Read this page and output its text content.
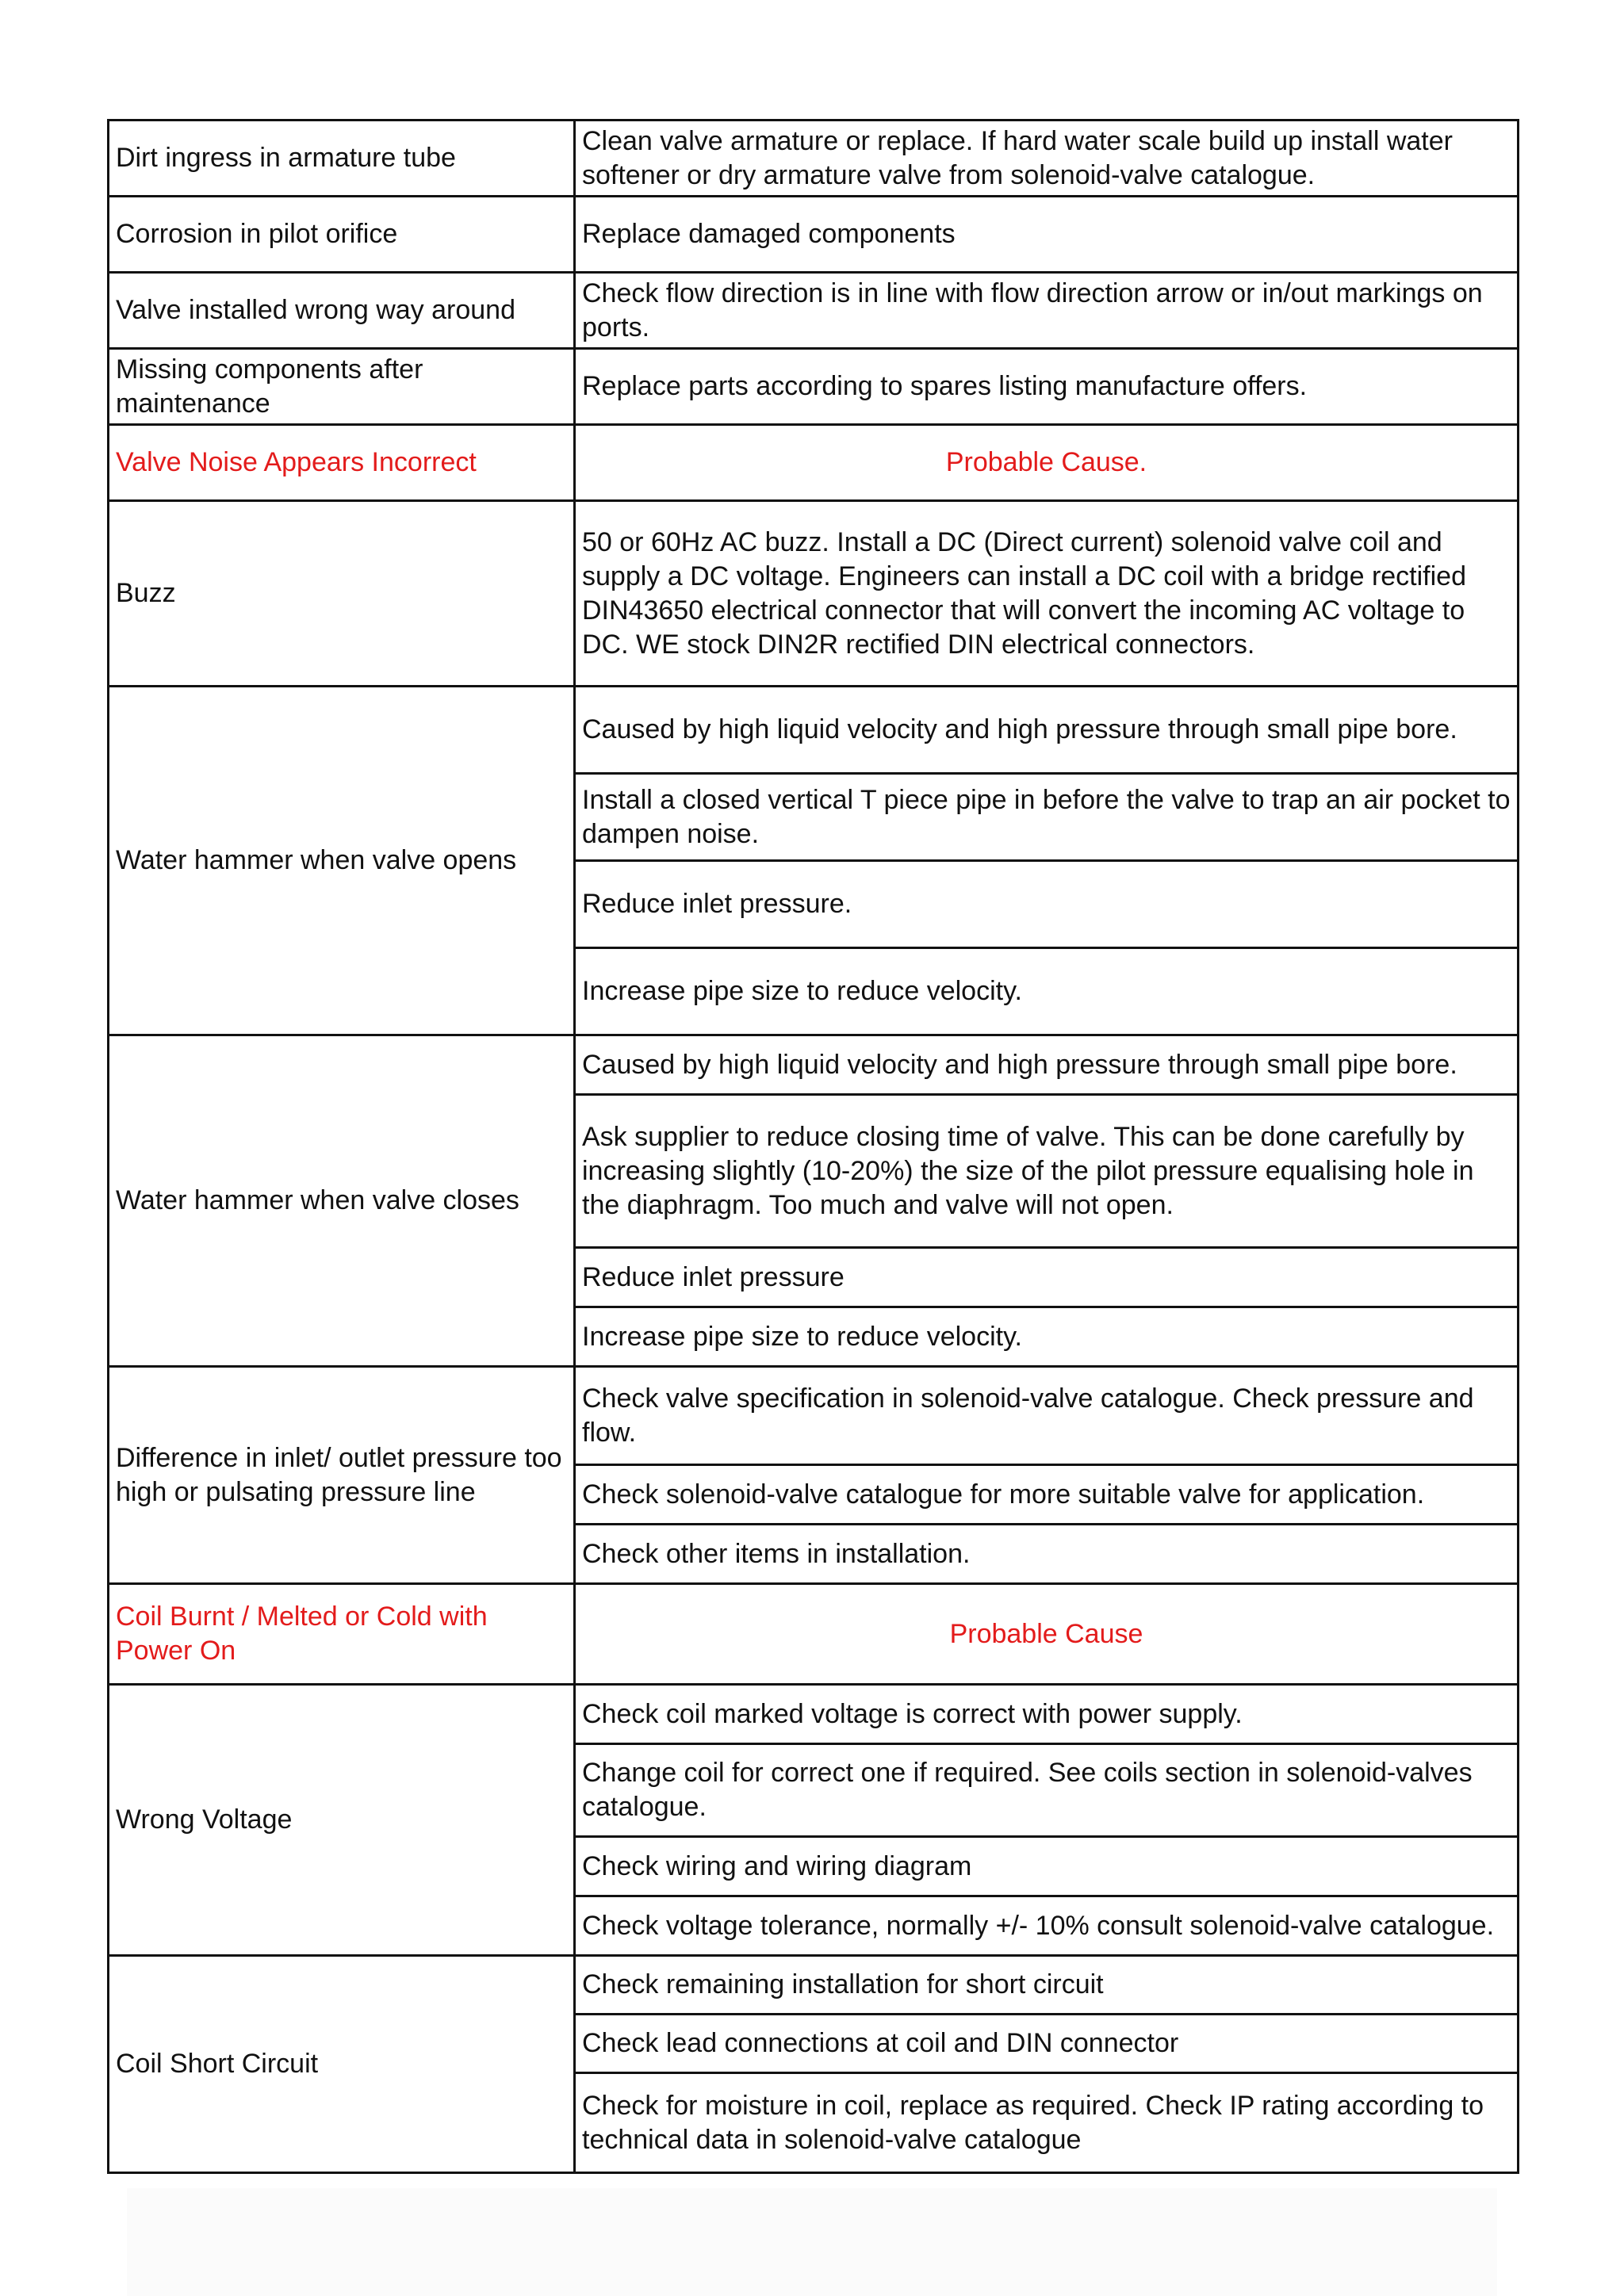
Dirt ingress in armature tube	Clean valve armature or replace. If hard water scale build up install water softener or dry armature valve from solenoid-valve catalogue.
Corrosion in pilot orifice	Replace damaged components
Valve installed wrong way around	Check flow direction is in line with flow direction arrow or in/out markings on ports.
Missing components after maintenance	Replace parts according to spares listing manufacture offers.
Valve Noise Appears Incorrect	Probable Cause.
Buzz	50 or 60Hz AC buzz. Install a DC (Direct current) solenoid valve coil and supply a DC voltage. Engineers can install a DC coil with a bridge rectified DIN43650 electrical connector that will convert the incoming AC voltage to DC. WE stock DIN2R rectified DIN electrical connectors.
Water hammer when valve opens	Caused by high liquid velocity and high pressure through small pipe bore.
	Install a closed vertical T piece pipe in before the valve to trap an air pocket to dampen noise.
	Reduce inlet pressure.
	Increase pipe size to reduce velocity.
Water hammer when valve closes	Caused by high liquid velocity and high pressure through small pipe bore.
	Ask supplier to reduce closing time of valve. This can be done carefully by increasing slightly (10-20%) the size of the pilot pressure equalising hole in the diaphragm. Too much and valve will not open.
	Reduce inlet pressure
	Increase pipe size to reduce velocity.
Difference in inlet/ outlet pressure too high or pulsating pressure line	Check valve specification in solenoid-valve catalogue. Check pressure and flow.
	Check solenoid-valve catalogue for more suitable valve for application.
	Check other items in installation.
Coil Burnt / Melted or Cold with Power On	Probable Cause
Wrong Voltage	Check coil marked voltage is correct with power supply.
	Change coil for correct one if required. See coils section in solenoid-valves catalogue.
	Check wiring and wiring diagram
	Check voltage tolerance, normally +/- 10% consult solenoid-valve catalogue.
Coil Short Circuit	Check remaining installation for short circuit
	Check lead connections at coil and DIN connector
	Check for moisture in coil, replace as required. Check IP rating according to technical data in solenoid-valve catalogue
